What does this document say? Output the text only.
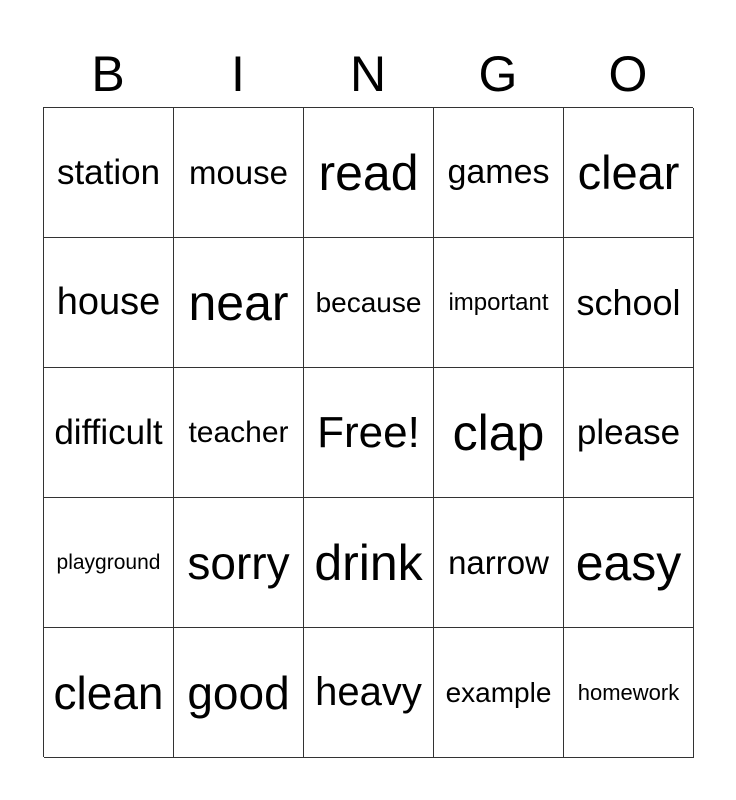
B	I	N	G	O
station mouse read games clear
house near because important school
difficult teacher Free! clap please
playground sorry drink narrow easy
clean good heavy example homework
